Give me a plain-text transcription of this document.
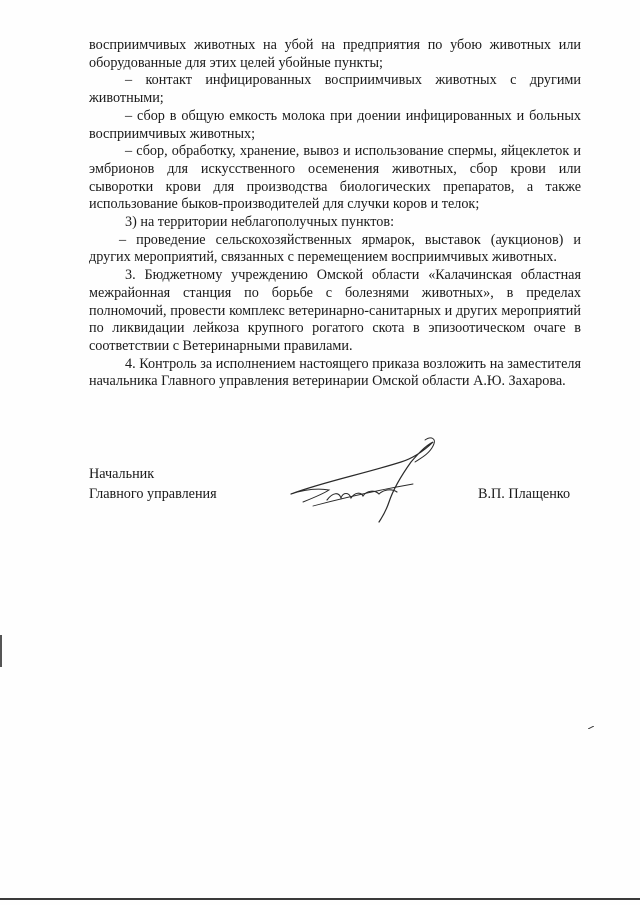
восприимчивых животных на убой на предприятия по убою животных или оборудованные для этих целей убойные пункты;

– контакт инфицированных восприимчивых животных с другими животными;

– сбор в общую емкость молока при доении инфицированных и больных восприимчивых животных;

– сбор, обработку, хранение, вывоз и использование спермы, яйцеклеток и эмбрионов для искусственного осеменения животных, сбор крови или сыворотки крови для производства биологических препаратов, а также использование быков-производителей для случки коров и телок;

3) на территории неблагополучных пунктов:

– проведение сельскохозяйственных ярмарок, выставок (аукционов) и других мероприятий, связанных с перемещением восприимчивых животных.

3. Бюджетному учреждению Омской области «Калачинская областная межрайонная станция по борьбе с болезнями животных», в пределах полномочий, провести комплекс ветеринарно-санитарных и других мероприятий по ликвидации лейкоза крупного рогатого скота в эпизоотическом очаге в соответствии с Ветеринарными правилами.

4. Контроль за исполнением настоящего приказа возложить на заместителя начальника Главного управления ветеринарии Омской области А.Ю. Захарова.

Начальник
Главного управления	В.П. Плащенко
